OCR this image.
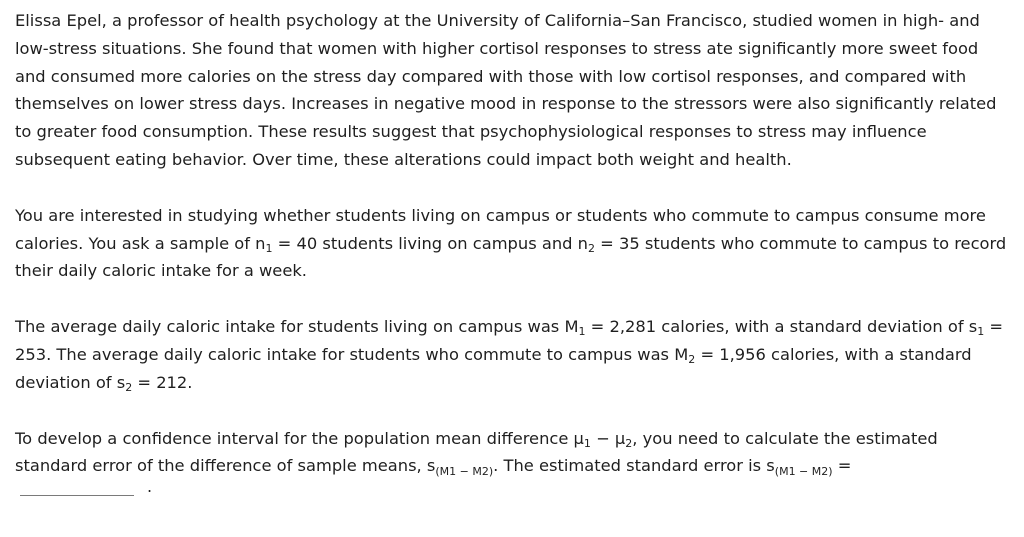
Elissa Epel, a professor of health psychology at the University of California–San Francisco, studied women in high- and low-stress situations. She found that women with higher cortisol responses to stress ate significantly more sweet food and consumed more calories on the stress day compared with those with low cortisol responses, and compared with themselves on lower stress days. Increases in negative mood in response to the stressors were also significantly related to greater food consumption. These results suggest that psychophysiological responses to stress may influence subsequent eating behavior. Over time, these alterations could impact both weight and health.

You are interested in studying whether students living on campus or students who commute to campus consume more calories. You ask a sample of $n_1 = 40$ students living on campus and $n_2 = 35$ students who commute to campus to record their daily caloric intake for a week.

The average daily caloric intake for students living on campus was $M_1 = 2,281$ calories, with a standard deviation of $s_1 = 253$. The average daily caloric intake for students who commute to campus was $M_2 = 1,956$ calories, with a standard deviation of $s_2 = 212$.

To develop a confidence interval for the population mean difference $\mu_1 - \mu_2$, you need to calculate the estimated standard error of the difference of sample means, $s_{(M1 - M2)}$. The estimated standard error is $s_{(M1 - M2)}$ =

.
